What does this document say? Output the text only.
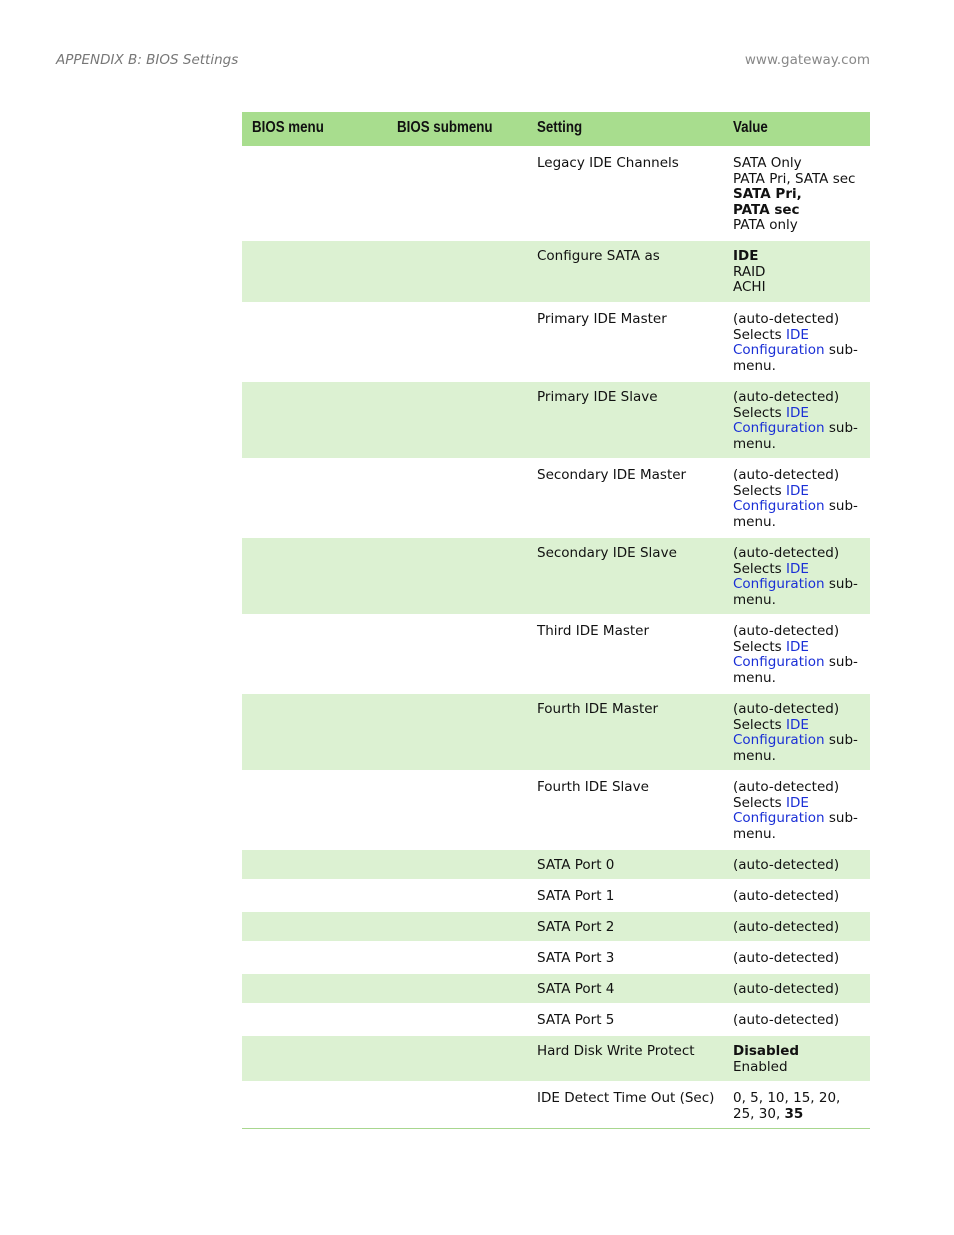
APPENDIX B: BIOS Settings	www.gateway.com
BIOS menu	BIOS submenu	Setting	Value
Legacy IDE Channels	SATA Only
PATA Pri, SATA sec
SATA Pri, PATA sec
PATA only
Configure SATA as	IDE
RAID
ACHI
Primary IDE Master	(auto-detected)
Selects IDE Configuration sub-menu.
Primary IDE Slave	(auto-detected)
Selects IDE Configuration sub-menu.
Secondary IDE Master	(auto-detected)
Selects IDE Configuration sub-menu.
Secondary IDE Slave	(auto-detected)
Selects IDE Configuration sub-menu.
Third IDE Master	(auto-detected)
Selects IDE Configuration sub-menu.
Fourth IDE Master	(auto-detected)
Selects IDE Configuration sub-menu.
Fourth IDE Slave	(auto-detected)
Selects IDE Configuration sub-menu.
SATA Port 0	(auto-detected)
SATA Port 1	(auto-detected)
SATA Port 2	(auto-detected)
SATA Port 3	(auto-detected)
SATA Port 4	(auto-detected)
SATA Port 5	(auto-detected)
Hard Disk Write Protect	Disabled
Enabled
IDE Detect Time Out (Sec)	0, 5, 10, 15, 20, 25, 30, 35
